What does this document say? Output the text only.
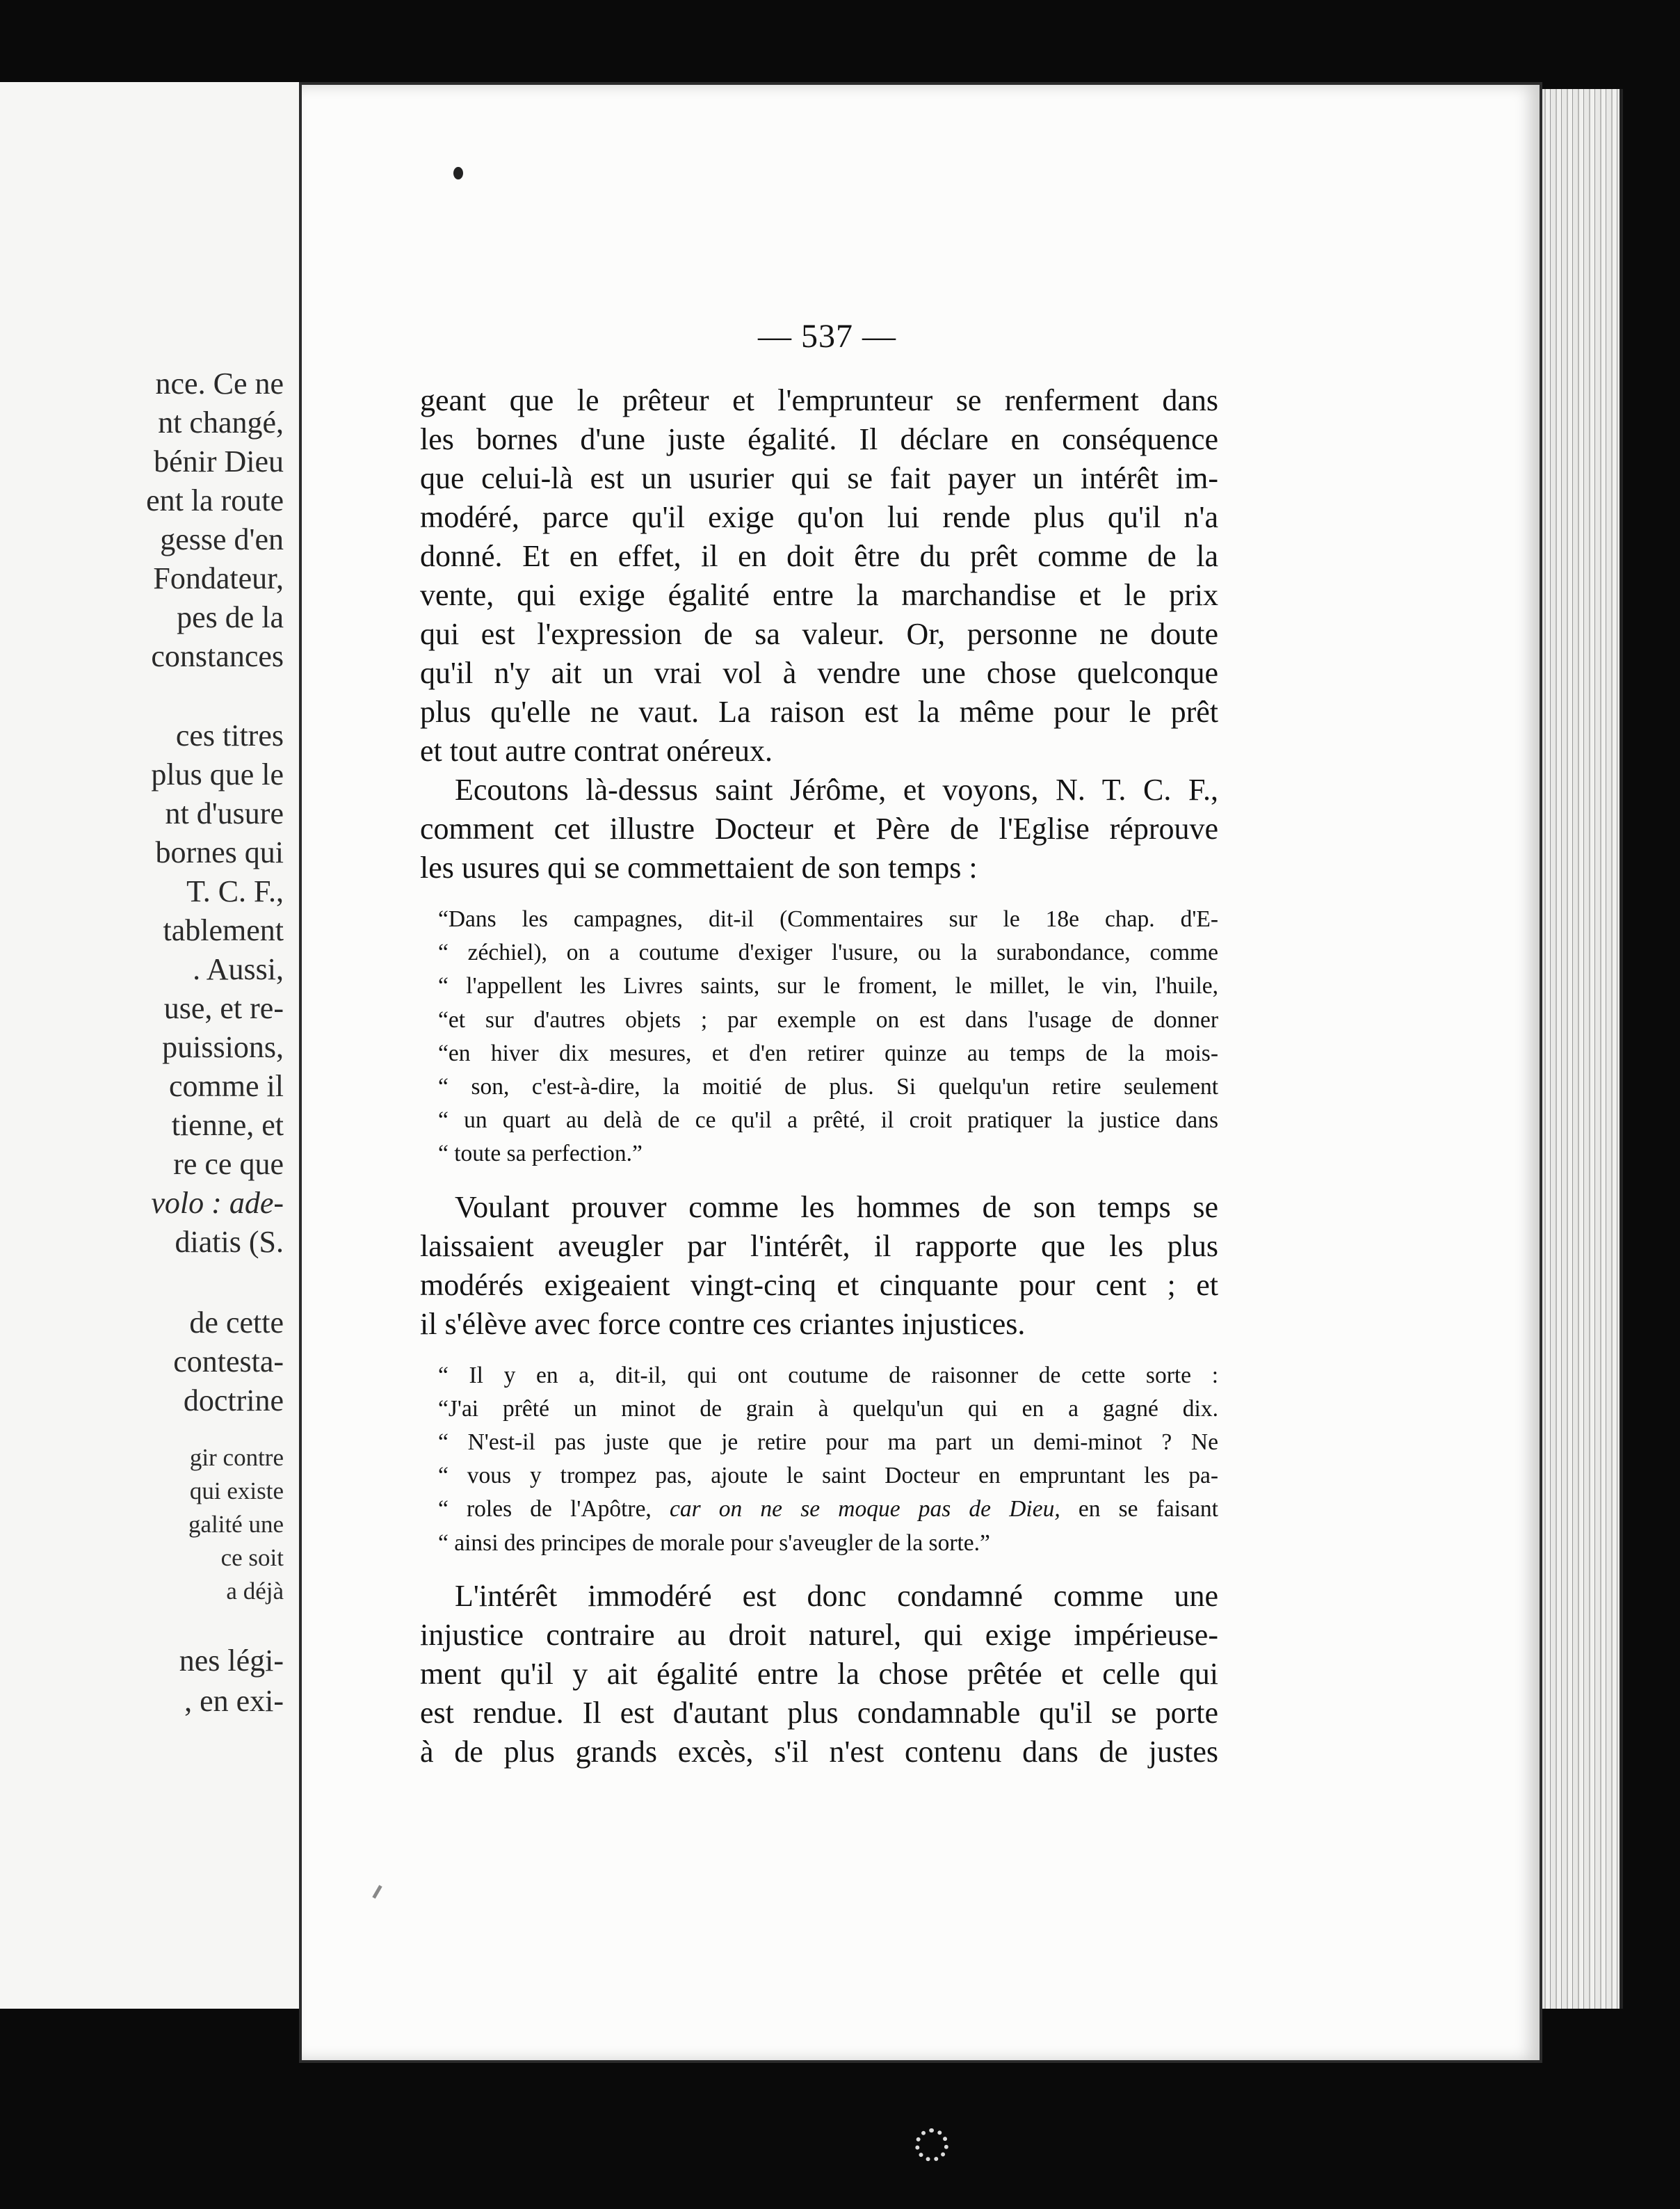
nce. Ce ne
nt changé,
bénir Dieu
ent la route
gesse d'en
Fondateur,
pes de la
constances
ces titres
plus que le
nt d'usure
bornes qui
T. C. F.,
tablement
. Aussi,
use, et re-
puissions,
comme il
tienne, et
re ce que
volo : ade-
diatis (S.
de cette
contesta-
doctrine
gir contre
qui existe
galité une
ce soit
a déjà
nes légi-
, en exi-
— 537 —
geant que le prêteur et l'emprunteur se renferment dans
les bornes d'une juste égalité. Il déclare en conséquence
que celui-là est un usurier qui se fait payer un intérêt im-
modéré, parce qu'il exige qu'on lui rende plus qu'il n'a
donné. Et en effet, il en doit être du prêt comme de la
vente, qui exige égalité entre la marchandise et le prix
qui est l'expression de sa valeur. Or, personne ne doute
qu'il n'y ait un vrai vol à vendre une chose quelconque
plus qu'elle ne vaut. La raison est la même pour le prêt
et tout autre contrat onéreux.
Ecoutons là-dessus saint Jérôme, et voyons, N. T. C. F.,
comment cet illustre Docteur et Père de l'Eglise réprouve
les usures qui se commettaient de son temps :
“Dans les campagnes, dit-il (Commentaires sur le 18e chap. d'E-
“ zéchiel), on a coutume d'exiger l'usure, ou la surabondance, comme
“ l'appellent les Livres saints, sur le froment, le millet, le vin, l'huile,
“et sur d'autres objets ; par exemple on est dans l'usage de donner
“en hiver dix mesures, et d'en retirer quinze au temps de la mois-
“ son, c'est-à-dire, la moitié de plus. Si quelqu'un retire seulement
“ un quart au delà de ce qu'il a prêté, il croit pratiquer la justice dans
“ toute sa perfection.”
Voulant prouver comme les hommes de son temps se
laissaient aveugler par l'intérêt, il rapporte que les plus
modérés exigeaient vingt-cinq et cinquante pour cent ; et
il s'élève avec force contre ces criantes injustices.
“ Il y en a, dit-il, qui ont coutume de raisonner de cette sorte :
“J'ai prêté un minot de grain à quelqu'un qui en a gagné dix.
“ N'est-il pas juste que je retire pour ma part un demi-minot ? Ne
“ vous y trompez pas, ajoute le saint Docteur en empruntant les pa-
“ roles de l'Apôtre, car on ne se moque pas de Dieu, en se faisant
“ ainsi des principes de morale pour s'aveugler de la sorte.”
L'intérêt immodéré est donc condamné comme une
injustice contraire au droit naturel, qui exige impérieuse-
ment qu'il y ait égalité entre la chose prêtée et celle qui
est rendue. Il est d'autant plus condamnable qu'il se porte
à de plus grands excès, s'il n'est contenu dans de justes
